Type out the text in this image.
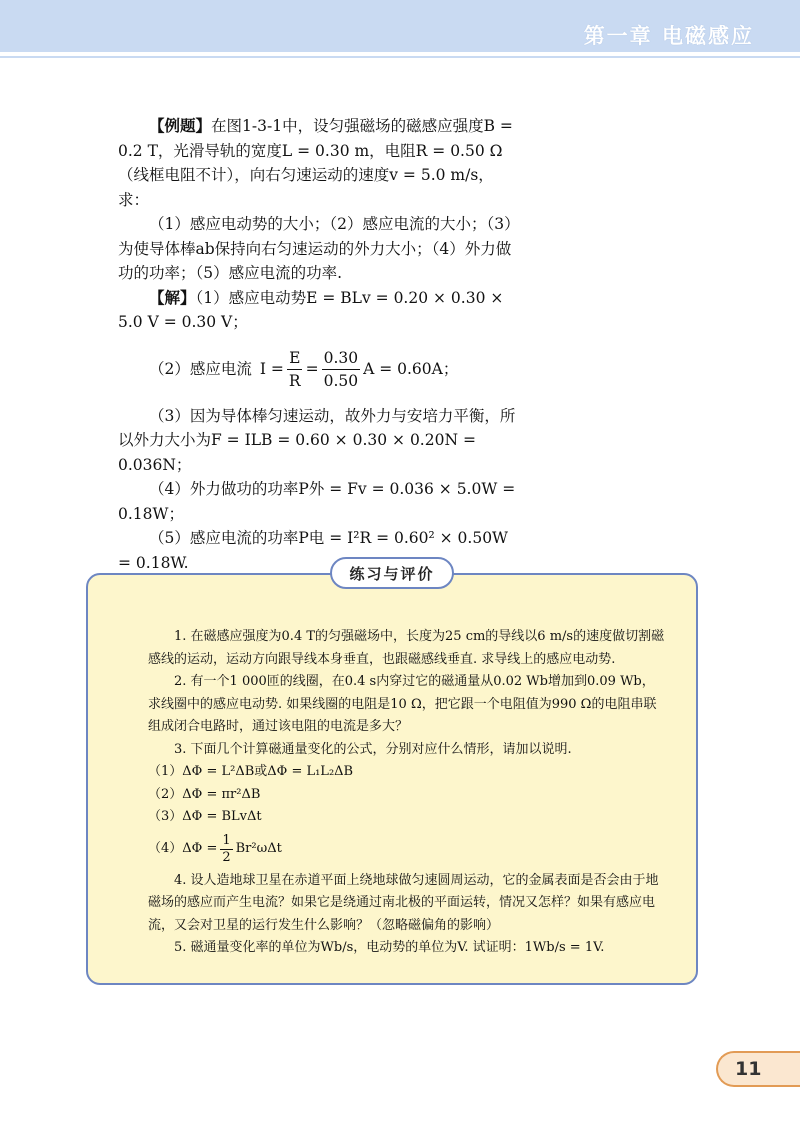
第一章 电磁感应

【例题】在图1-3-1中，设匀强磁场的磁感应强度B = 0.2 T，光滑导轨的宽度L = 0.30 m，电阻R = 0.50 Ω（线框电阻不计），向右匀速运动的速度v = 5.0 m/s，求：

（1）感应电动势的大小；（2）感应电流的大小；（3）为使导体棒ab保持向右匀速运动的外力大小；（4）外力做功的功率；（5）感应电流的功率.

【解】（1）感应电动势E = BLv = 0.20 × 0.30 × 5.0 V = 0.30 V；

（2）感应电流 $I = \frac{E}{R} = \frac{0.30}{0.50}$ A = 0.60A；

（3）因为导体棒匀速运动，故外力与安培力平衡，所以外力大小为F = ILB = 0.60 × 0.30 × 0.20N = 0.036N；

（4）外力做功的功率P外 = Fv = 0.036 × 5.0W = 0.18W；

（5）感应电流的功率P电 = I²R = 0.60² × 0.50W = 0.18W.

练习与评价

1. 在磁感应强度为0.4 T的匀强磁场中，长度为25 cm的导线以6 m/s的速度做切割磁感线的运动，运动方向跟导线本身垂直，也跟磁感线垂直. 求导线上的感应电动势.

2. 有一个1 000匝的线圈，在0.4 s内穿过它的磁通量从0.02 Wb增加到0.09 Wb，求线圈中的感应电动势. 如果线圈的电阻是10 Ω，把它跟一个电阻值为990 Ω的电阻串联组成闭合电路时，通过该电阻的电流是多大？

3. 下面几个计算磁通量变化的公式，分别对应什么情形，请加以说明.

（1）ΔΦ = L²ΔB或ΔΦ = L₁L₂ΔB

（2）ΔΦ = πr²ΔB

（3）ΔΦ = BLvΔt

$(4)\Delta\Phi = \frac{1}{2} Br^2\omega\Delta t$

4. 设人造地球卫星在赤道平面上绕地球做匀速圆周运动，它的金属表面是否会由于地磁场的感应而产生电流？如果它是绕通过南北极的平面运转，情况又怎样？如果有感应电流，又会对卫星的运行发生什么影响？（忽略磁偏角的影响）

5. 磁通量变化率的单位为Wb/s，电动势的单位为V. 试证明：1Wb/s = 1V.

11
